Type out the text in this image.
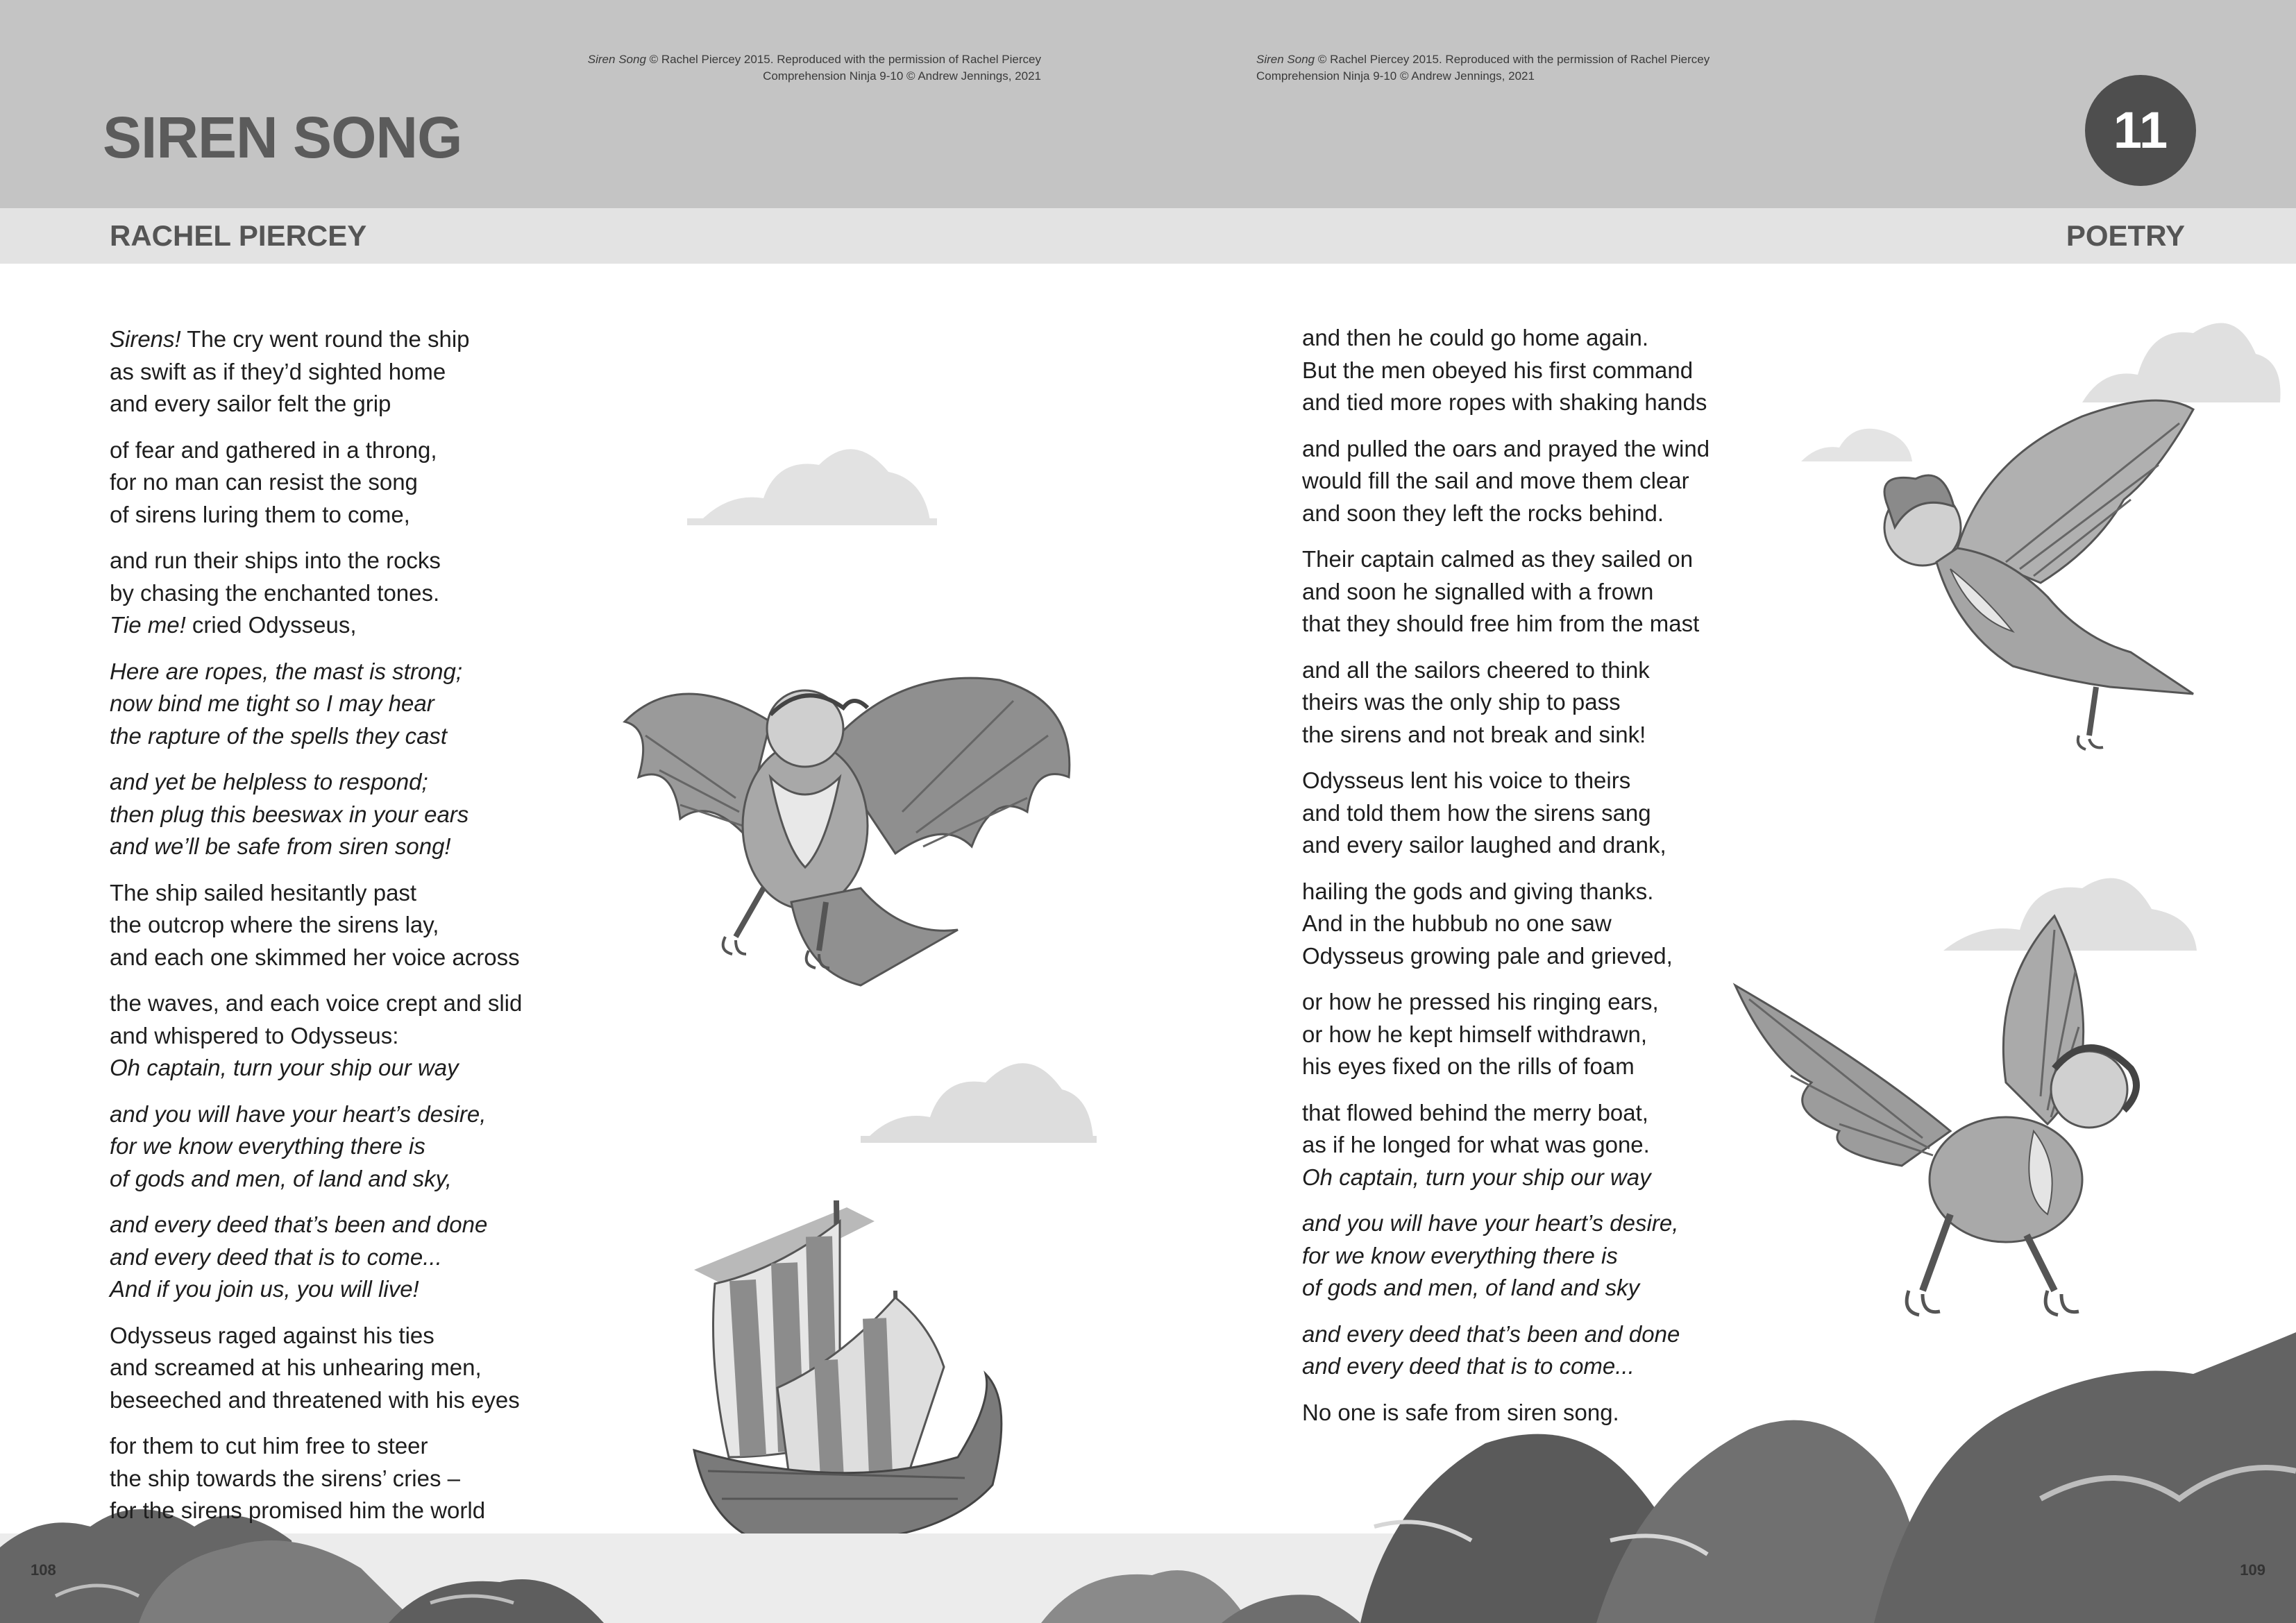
SIREN SONG
RACHEL PIERCEY	POETRY
11
Siren Song © Rachel Piercey 2015. Reproduced with the permission of Rachel Piercey
Comprehension Ninja 9-10 © Andrew Jennings, 2021
Siren Song © Rachel Piercey 2015. Reproduced with the permission of Rachel Piercey
Comprehension Ninja 9-10 © Andrew Jennings, 2021
Sirens! The cry went round the ship
as swift as if they’d sighted home
and every sailor felt the grip
of fear and gathered in a throng,
for no man can resist the song
of sirens luring them to come,
and run their ships into the rocks
by chasing the enchanted tones.
Tie me! cried Odysseus,
Here are ropes, the mast is strong;
now bind me tight so I may hear
the rapture of the spells they cast
and yet be helpless to respond;
then plug this beeswax in your ears
and we’ll be safe from siren song!
The ship sailed hesitantly past
the outcrop where the sirens lay,
and each one skimmed her voice across
the waves, and each voice crept and slid
and whispered to Odysseus:
Oh captain, turn your ship our way
and you will have your heart’s desire,
for we know everything there is
of gods and men, of land and sky,
and every deed that’s been and done
and every deed that is to come...
And if you join us, you will live!
Odysseus raged against his ties
and screamed at his unhearing men,
beseeched and threatened with his eyes
for them to cut him free to steer
the ship towards the sirens’ cries –
for the sirens promised him the world
and then he could go home again.
But the men obeyed his first command
and tied more ropes with shaking hands
and pulled the oars and prayed the wind
would fill the sail and move them clear
and soon they left the rocks behind.
Their captain calmed as they sailed on
and soon he signalled with a frown
that they should free him from the mast
and all the sailors cheered to think
theirs was the only ship to pass
the sirens and not break and sink!
Odysseus lent his voice to theirs
and told them how the sirens sang
and every sailor laughed and drank,
hailing the gods and giving thanks.
And in the hubbub no one saw
Odysseus growing pale and grieved,
or how he pressed his ringing ears,
or how he kept himself withdrawn,
his eyes fixed on the rills of foam
that flowed behind the merry boat,
as if he longed for what was gone.
Oh captain, turn your ship our way
and you will have your heart’s desire,
for we know everything there is
of gods and men, of land and sky
and every deed that’s been and done
and every deed that is to come...
No one is safe from siren song.
108	109
